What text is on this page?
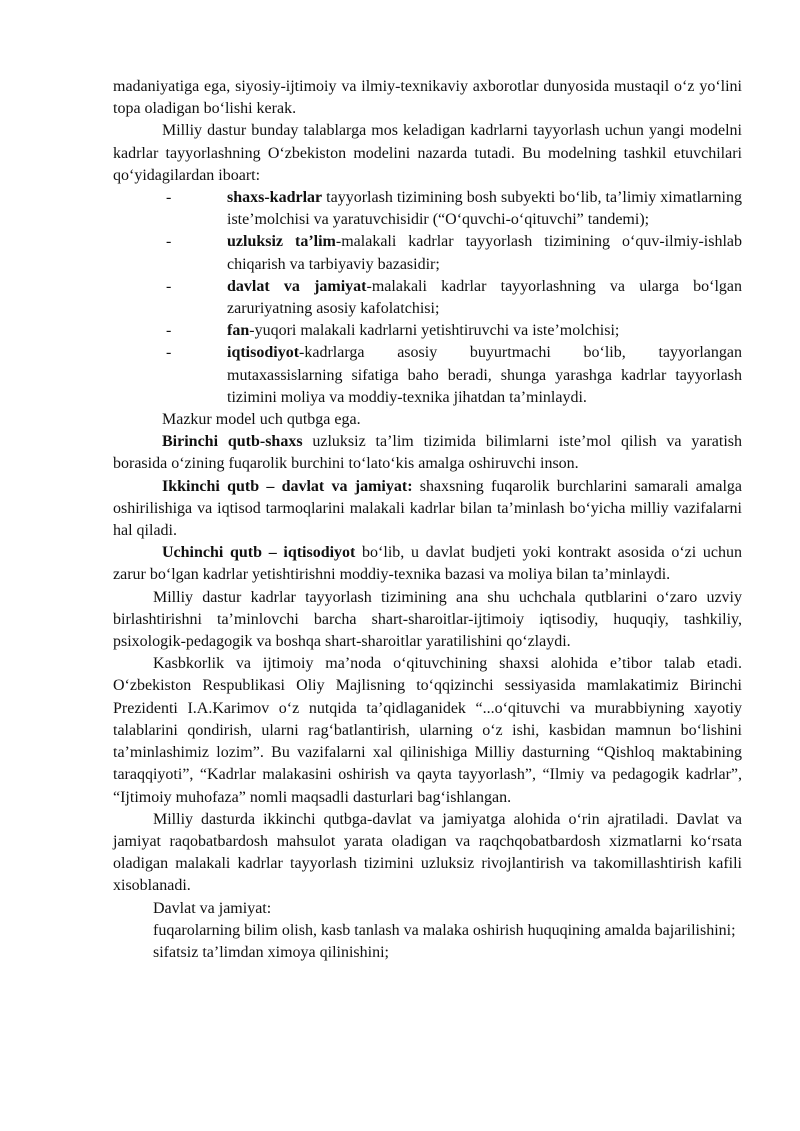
madaniyatiga ega, siyosiy-ijtimoiy va ilmiy-texnikaviy axborotlar dunyosida mustaqil o‘z yo‘lini topa oladigan bo‘lishi kerak.

Milliy dastur bunday talablarga mos keladigan kadrlarni tayyorlash uchun yangi modelni kadrlar tayyorlashning O‘zbekiston modelini nazarda tutadi. Bu modelning tashkil etuvchilari qo‘yidagilardan iboart:

-	shaxs-kadrlar tayyorlash tizimining bosh subyekti bo‘lib, ta’limiy ximatlarning iste’molchisi va yaratuvchisidir (“O‘quvchi-o‘qituvchi” tandemi);
-	uzluksiz ta’lim-malakali kadrlar tayyorlash tizimining o‘quv-ilmiy-ishlab chiqarish va tarbiyaviy bazasidir;
-	davlat va jamiyat-malakali kadrlar tayyorlashning va ularga bo‘lgan zaruriyatning asosiy kafolatchisi;
-	fan-yuqori malakali kadrlarni yetishtiruvchi va iste’molchisi;
-	iqtisodiyot-kadrlarga asosiy buyurtmachi bo‘lib, tayyorlangan mutaxassislarning sifatiga baho beradi, shunga yarashga kadrlar tayyorlash tizimini moliya va moddiy-texnika jihatdan ta’minlaydi.

Mazkur model uch qutbga ega.

Birinchi qutb-shaxs uzluksiz ta’lim tizimida bilimlarni iste’mol qilish va yaratish borasida o‘zining fuqarolik burchini to‘lato‘kis amalga oshiruvchi inson.

Ikkinchi qutb – davlat va jamiyat: shaxsning fuqarolik burchlarini samarali amalga oshirilishiga va iqtisod tarmoqlarini malakali kadrlar bilan ta’minlash bo‘yicha milliy vazifalarni hal qiladi.

Uchinchi qutb – iqtisodiyot bo‘lib, u davlat budjeti yoki kontrakt asosida o‘zi uchun zarur bo‘lgan kadrlar yetishtirishni moddiy-texnika bazasi va moliya bilan ta’minlaydi.

Milliy dastur kadrlar tayyorlash tizimining ana shu uchchala qutblarini o‘zaro uzviy birlashtirishni ta’minlovchi barcha shart-sharoitlar-ijtimoiy iqtisodiy, huquqiy, tashkiliy, psixologik-pedagogik va boshqa shart-sharoitlar yaratilishini qo‘zlaydi.

Kasbkorlik va ijtimoiy ma’noda o‘qituvchining shaxsi alohida e’tibor talab etadi. O‘zbekiston Respublikasi Oliy Majlisning to‘qqizinchi sessiyasida mamlakatimiz Birinchi Prezidenti I.A.Karimov o‘z nutqida ta’qidlaganidek “...o‘qituvchi va murabbiyning xayotiy talablarini qondirish, ularni rag‘batlantirish, ularning o‘z ishi, kasbidan mamnun bo‘lishini ta’minlashimiz lozim”. Bu vazifalarni xal qilinishiga Milliy dasturning “Qishloq maktabining taraqqiyoti”, “Kadrlar malakasini oshirish va qayta tayyorlash”, “Ilmiy va pedagogik kadrlar”, “Ijtimoiy muhofaza” nomli maqsadli dasturlari bag‘ishlangan.

Milliy dasturda ikkinchi qutbga-davlat va jamiyatga alohida o‘rin ajratiladi. Davlat va jamiyat raqobatbardosh mahsulot yarata oladigan va raqchqobatbardosh xizmatlarni ko‘rsata oladigan malakali kadrlar tayyorlash tizimini uzluksiz rivojlantirish va takomillashtirish kafili xisoblanadi.

Davlat va jamiyat:

fuqarolarning bilim olish, kasb tanlash va malaka oshirish huquqining amalda bajarilishini;

sifatsiz ta’limdan ximoya qilinishini;
